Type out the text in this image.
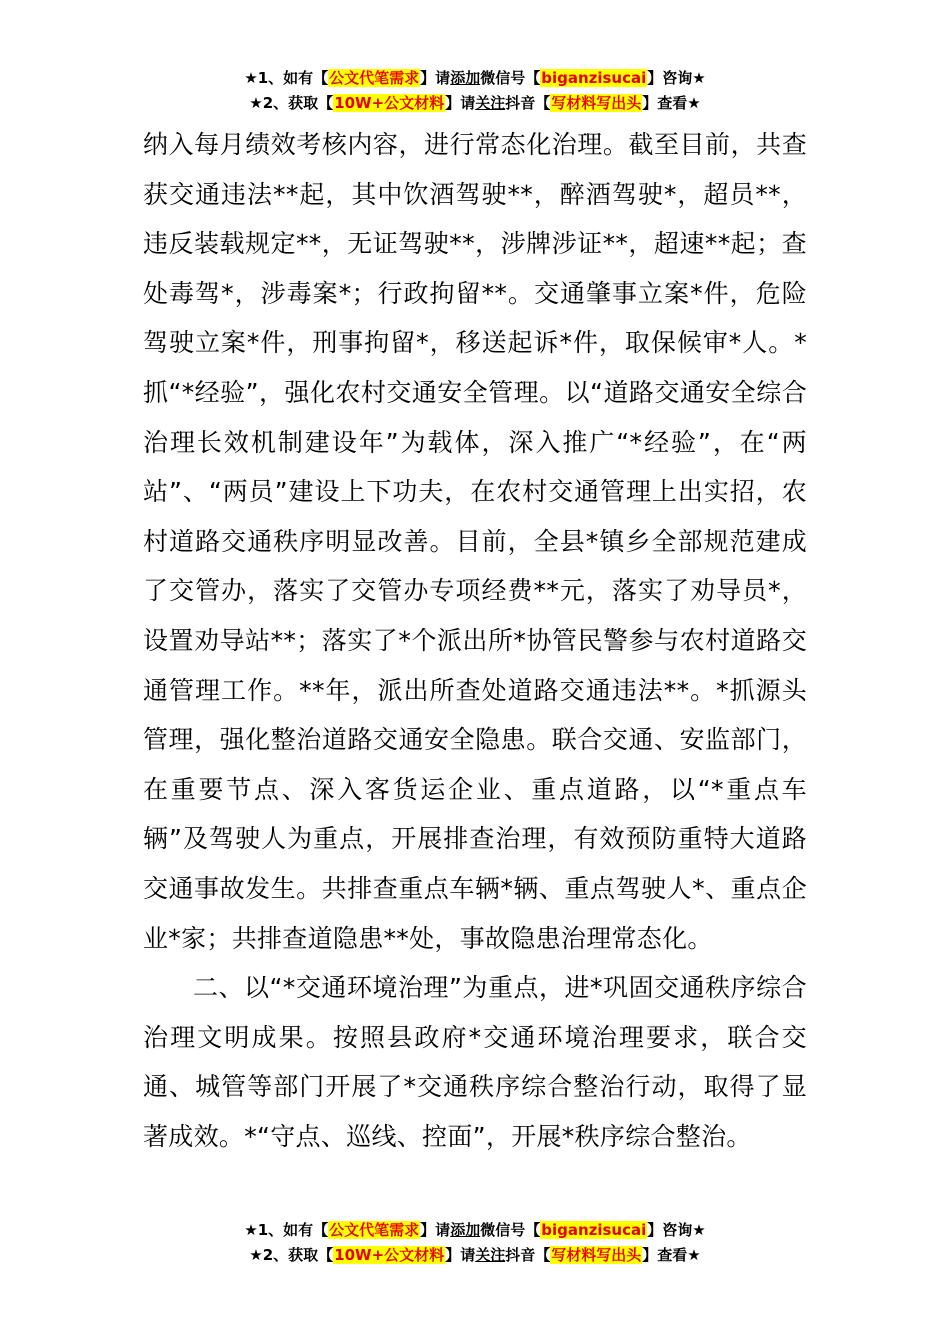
★1、如有【公文代笔需求】请添加微信号【biganzisucai】咨询★
★2、获取【10W+公文材料】请关注抖音【写材料写出头】查看★

纳入每月绩效考核内容，进行常态化治理。截至目前，共查获交通违法**起，其中饮酒驾驶**，醉酒驾驶*，超员**，违反装载规定**，无证驾驶**，涉牌涉证**，超速**起；查处毒驾*，涉毒案*；行政拘留**。交通肇事立案*件，危险驾驶立案*件，刑事拘留*，移送起诉*件，取保候审*人。*抓“*经验”，强化农村交通安全管理。以“道路交通安全综合治理长效机制建设年”为载体，深入推广“*经验”，在“两站”、“两员”建设上下功夫，在农村交通管理上出实招，农村道路交通秩序明显改善。目前，全县*镇乡全部规范建成了交管办，落实了交管办专项经费**元，落实了劝导员*，设置劝导站**；落实了*个派出所*协管民警参与农村道路交通管理工作。**年，派出所查处道路交通违法**。*抓源头管理，强化整治道路交通安全隐患。联合交通、安监部门，在重要节点、深入客货运企业、重点道路，以“*重点车辆”及驾驶人为重点，开展排查治理，有效预防重特大道路交通事故发生。共排查重点车辆*辆、重点驾驶人*、重点企业*家；共排查道隐患**处，事故隐患治理常态化。

二、以“*交通环境治理”为重点，进*巩固交通秩序综合治理文明成果。按照县政府*交通环境治理要求，联合交通、城管等部门开展了*交通秩序综合整治行动，取得了显著成效。*“守点、巡线、控面”，开展*秩序综合整治。

★1、如有【公文代笔需求】请添加微信号【biganzisucai】咨询★
★2、获取【10W+公文材料】请关注抖音【写材料写出头】查看★
